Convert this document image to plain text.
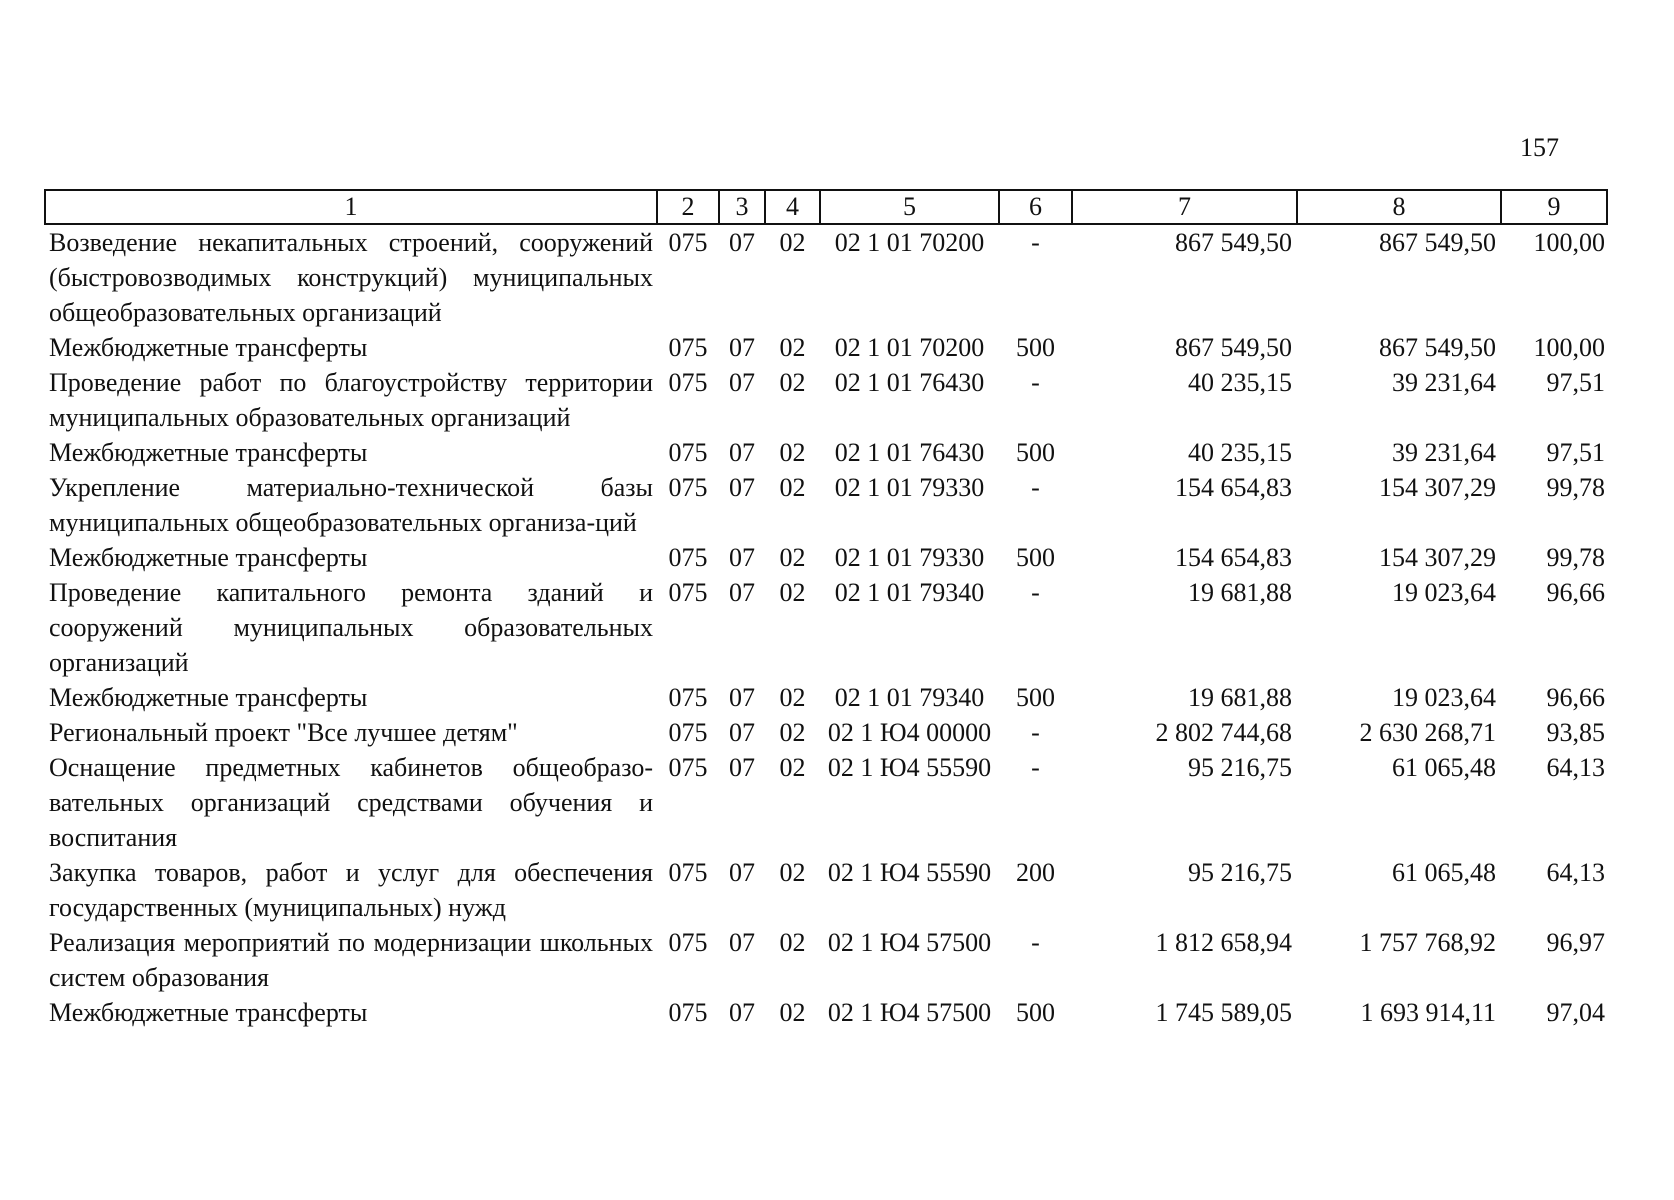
157
1	2	3	4	5	6	7	8	9
Возведение некапитальных строений, сооружений (быстровозводимых конструкций) муниципальных общеобразовательных организаций	075	07	02	02 1 01 70200	-	867 549,50	867 549,50	100,00
Межбюджетные трансферты	075	07	02	02 1 01 70200	500	867 549,50	867 549,50	100,00
Проведение работ по благоустройству территории муниципальных образовательных организаций	075	07	02	02 1 01 76430	-	40 235,15	39 231,64	97,51
Межбюджетные трансферты	075	07	02	02 1 01 76430	500	40 235,15	39 231,64	97,51
Укрепление материально-технической базы муниципальных общеобразовательных организа-ций	075	07	02	02 1 01 79330	-	154 654,83	154 307,29	99,78
Межбюджетные трансферты	075	07	02	02 1 01 79330	500	154 654,83	154 307,29	99,78
Проведение капитального ремонта зданий и сооружений муниципальных образовательных организаций	075	07	02	02 1 01 79340	-	19 681,88	19 023,64	96,66
Межбюджетные трансферты	075	07	02	02 1 01 79340	500	19 681,88	19 023,64	96,66
Региональный проект "Все лучшее детям"	075	07	02	02 1 Ю4 00000	-	2 802 744,68	2 630 268,71	93,85
Оснащение предметных кабинетов общеобразо-вательных организаций средствами обучения и воспитания	075	07	02	02 1 Ю4 55590	-	95 216,75	61 065,48	64,13
Закупка товаров, работ и услуг для обеспечения государственных (муниципальных) нужд	075	07	02	02 1 Ю4 55590	200	95 216,75	61 065,48	64,13
Реализация мероприятий по модернизации школьных систем образования	075	07	02	02 1 Ю4 57500	-	1 812 658,94	1 757 768,92	96,97
Межбюджетные трансферты	075	07	02	02 1 Ю4 57500	500	1 745 589,05	1 693 914,11	97,04
